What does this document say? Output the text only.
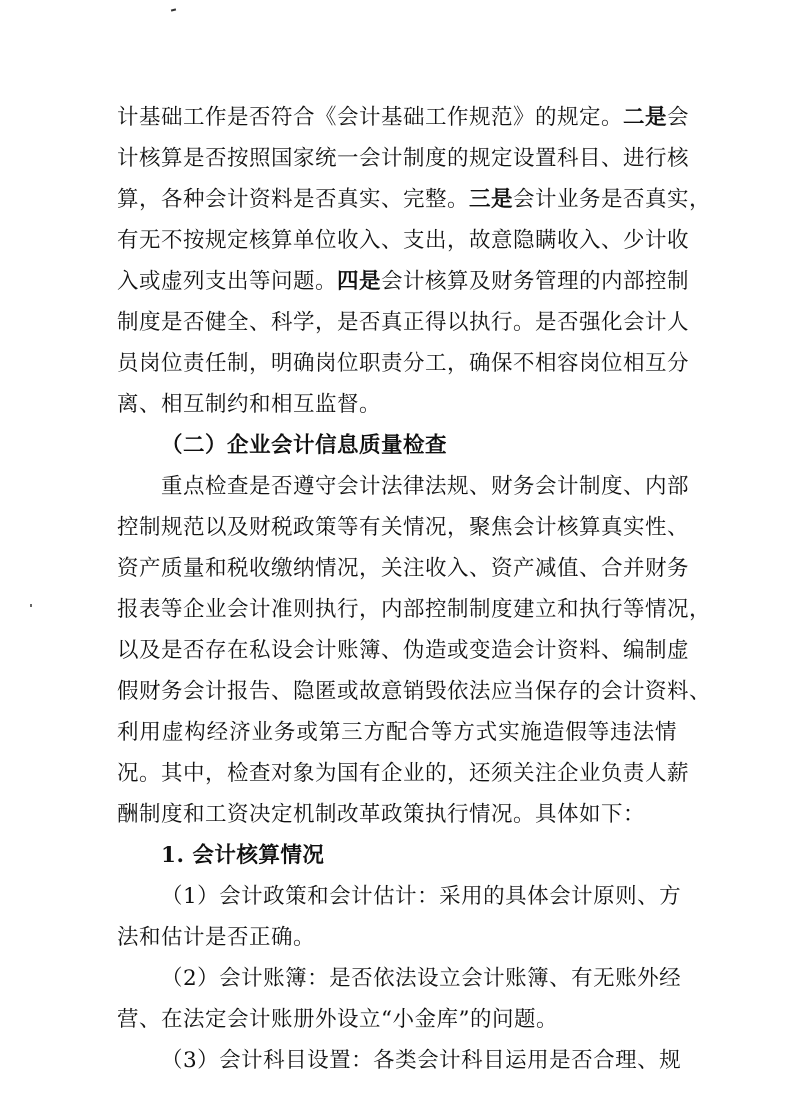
计基础工作是否符合《会计基础工作规范》的规定。二是会
计核算是否按照国家统一会计制度的规定设置科目、进行核
算，各种会计资料是否真实、完整。三是会计业务是否真实，
有无不按规定核算单位收入、支出，故意隐瞒收入、少计收
入或虚列支出等问题。四是会计核算及财务管理的内部控制
制度是否健全、科学，是否真正得以执行。是否强化会计人
员岗位责任制，明确岗位职责分工，确保不相容岗位相互分
离、相互制约和相互监督。
（二）企业会计信息质量检查
重点检查是否遵守会计法律法规、财务会计制度、内部
控制规范以及财税政策等有关情况，聚焦会计核算真实性、
资产质量和税收缴纳情况，关注收入、资产减值、合并财务
报表等企业会计准则执行，内部控制制度建立和执行等情况，
以及是否存在私设会计账簿、伪造或变造会计资料、编制虚
假财务会计报告、隐匿或故意销毁依法应当保存的会计资料、
利用虚构经济业务或第三方配合等方式实施造假等违法情
况。其中，检查对象为国有企业的，还须关注企业负责人薪
酬制度和工资决定机制改革政策执行情况。具体如下：
1. 会计核算情况
（1）会计政策和会计估计：采用的具体会计原则、方
法和估计是否正确。
（2）会计账簿：是否依法设立会计账簿、有无账外经
营、在法定会计账册外设立“小金库”的问题。
（3）会计科目设置：各类会计科目运用是否合理、规
